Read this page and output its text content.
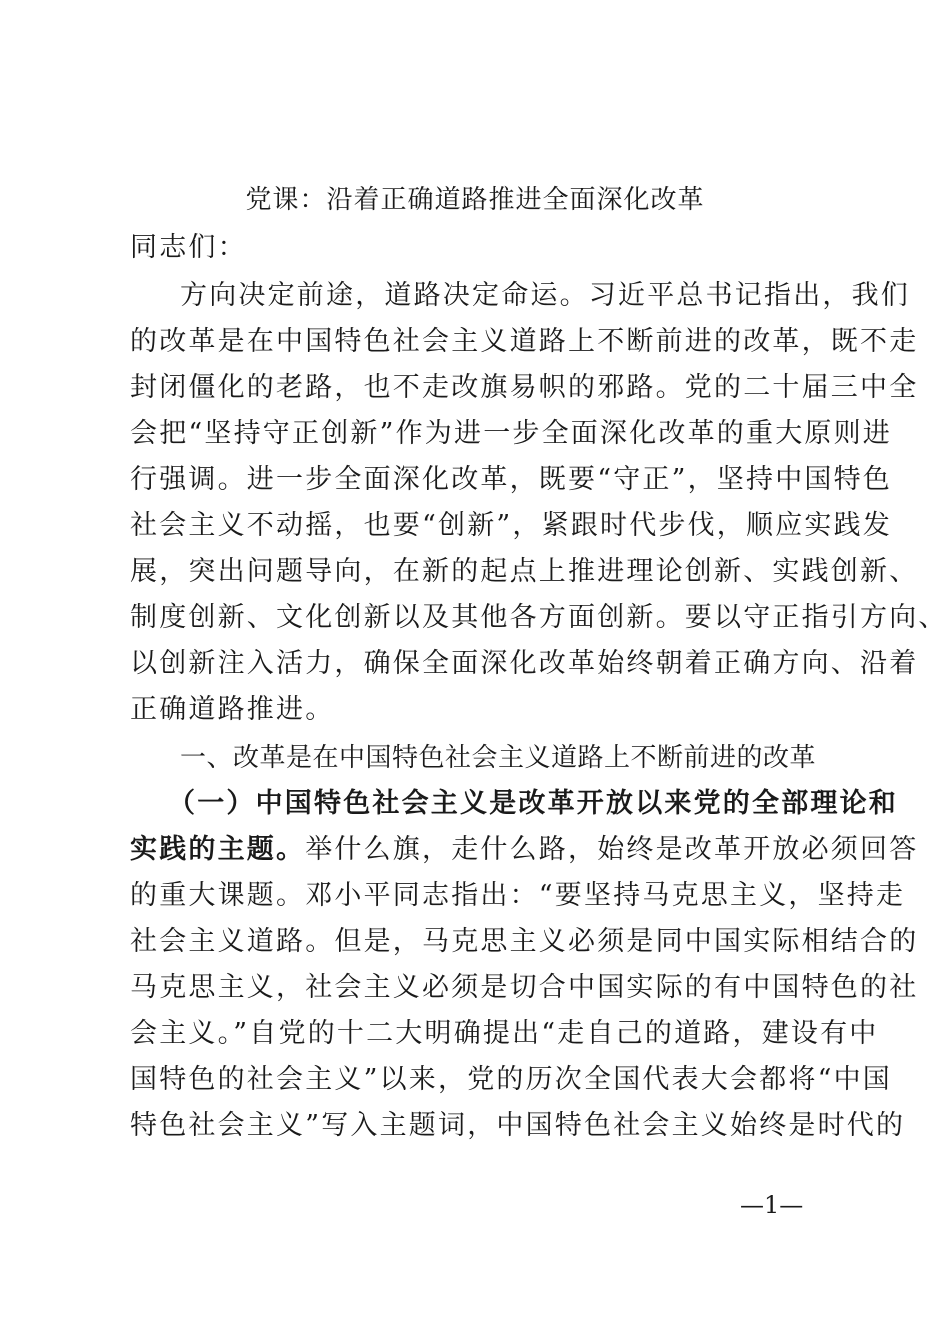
党课：沿着正确道路推进全面深化改革
同志们：
方向决定前途，道路决定命运。习近平总书记指出，我们
的改革是在中国特色社会主义道路上不断前进的改革，既不走
封闭僵化的老路，也不走改旗易帜的邪路。党的二十届三中全
会把“坚持守正创新”作为进一步全面深化改革的重大原则进
行强调。进一步全面深化改革，既要“守正”，坚持中国特色
社会主义不动摇，也要“创新”，紧跟时代步伐，顺应实践发
展，突出问题导向，在新的起点上推进理论创新、实践创新、
制度创新、文化创新以及其他各方面创新。要以守正指引方向、
以创新注入活力，确保全面深化改革始终朝着正确方向、沿着
正确道路推进。
一、改革是在中国特色社会主义道路上不断前进的改革
（一）中国特色社会主义是改革开放以来党的全部理论和
实践的主题。举什么旗，走什么路，始终是改革开放必须回答
的重大课题。邓小平同志指出：“要坚持马克思主义，坚持走
社会主义道路。但是，马克思主义必须是同中国实际相结合的
马克思主义，社会主义必须是切合中国实际的有中国特色的社
会主义。”自党的十二大明确提出“走自己的道路，建设有中
国特色的社会主义”以来，党的历次全国代表大会都将“中国
特色社会主义”写入主题词，中国特色社会主义始终是时代的
—1—
